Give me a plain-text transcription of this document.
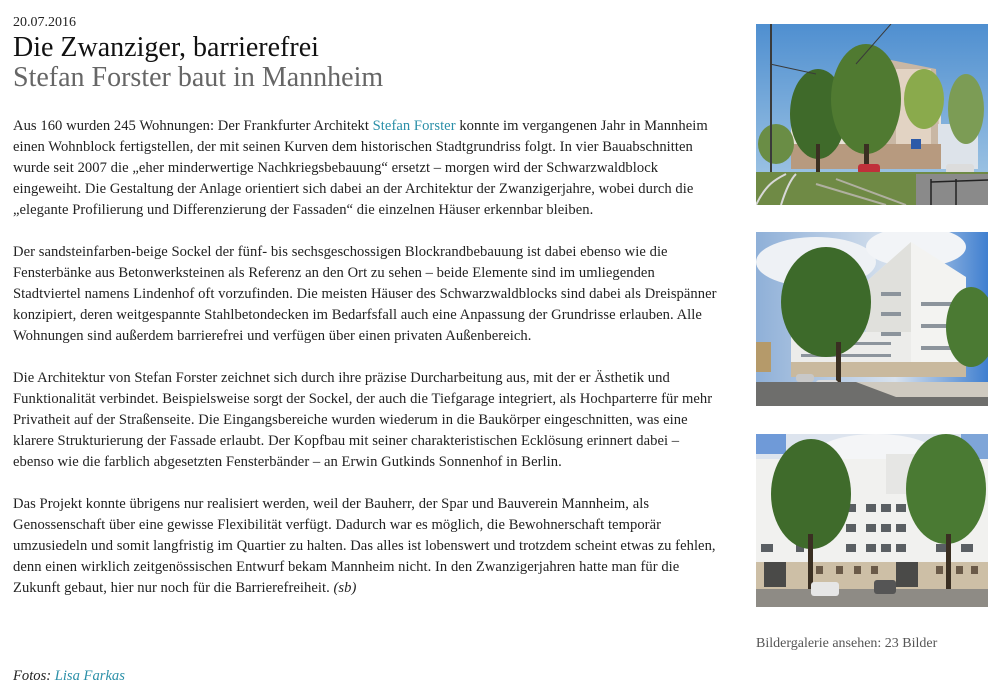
20.07.2016

Die Zwanziger, barrierefrei
Stefan Forster baut in Mannheim

Aus 160 wurden 245 Wohnungen: Der Frankfurter Architekt Stefan Forster konnte im vergangenen Jahr in Mannheim einen Wohnblock fertigstellen, der mit seinen Kurven dem historischen Stadtgrundriss folgt. In vier Bauabschnitten wurde seit 2007 die „eher minderwertige Nachkriegsbebauung“ ersetzt – morgen wird der Schwarzwaldblock eingeweiht. Die Gestaltung der Anlage orientiert sich dabei an der Architektur der Zwanzigerjahre, wobei durch die „elegante Profilierung und Differenzierung der Fassaden“ die einzelnen Häuser erkennbar bleiben.

Der sandsteinfarben-beige Sockel der fünf- bis sechsgeschossigen Blockrandbebauung ist dabei ebenso wie die Fensterbänke aus Betonwerksteinen als Referenz an den Ort zu sehen – beide Elemente sind im umliegenden Stadtviertel namens Lindenhof oft vorzufinden. Die meisten Häuser des Schwarzwaldblocks sind dabei als Dreispänner konzipiert, deren weitgespannte Stahlbetondecken im Bedarfsfall auch eine Anpassung der Grundrisse erlauben. Alle Wohnungen sind außerdem barrierefrei und verfügen über einen privaten Außenbereich.

Die Architektur von Stefan Forster zeichnet sich durch ihre präzise Durcharbeitung aus, mit der er Ästhetik und Funktionalität verbindet. Beispielsweise sorgt der Sockel, der auch die Tiefgarage integriert, als Hochparterre für mehr Privatheit auf der Straßenseite. Die Eingangsbereiche wurden wiederum in die Baukörper eingeschnitten, was eine klarere Strukturierung der Fassade erlaubt. Der Kopfbau mit seiner charakteristischen Ecklösung erinnert dabei – ebenso wie die farblich abgesetzten Fensterbänder – an Erwin Gutkinds Sonnenhof in Berlin.

Das Projekt konnte übrigens nur realisiert werden, weil der Bauherr, der Spar und Bauverein Mannheim, als Genossenschaft über eine gewisse Flexibilität verfügt. Dadurch war es möglich, die Bewohnerschaft temporär umzusiedeln und somit langfristig im Quartier zu halten. Das alles ist lobenswert und trotzdem scheint etwas zu fehlen, denn einen wirklich zeitgenössischen Entwurf bekam Mannheim nicht. In den Zwanzigerjahren hatte man für die Zukunft gebaut, hier nur noch für die Barrierefreiheit. (sb)

Fotos: Lisa Farkas

Bildergalerie ansehen: 23 Bilder
